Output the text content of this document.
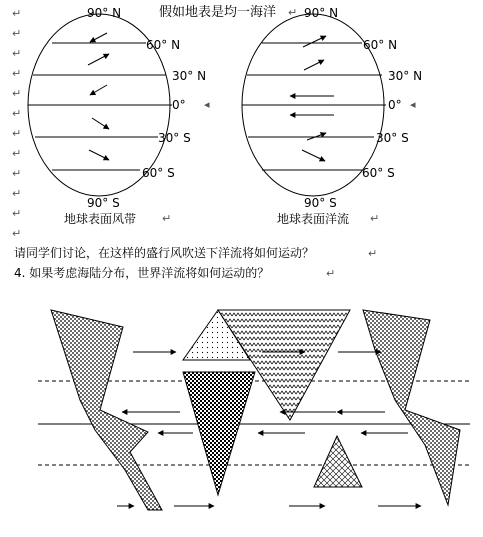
↵
↵
↵
↵
↵
↵
↵
↵
↵
↵
↵
↵
↵
↵
↵	↵
假如地表是均一海洋 ↵
90° N
60° N
30° N
0°
30° S
60° S
90° S
地球表面风带
90° N
60° N
30° N
0°
30° S
60° S
90° S
地球表面洋流
◂	◂
请同学们讨论，在这样的盛行风吹送下洋流将如何运动？
4. 如果考虑海陆分布，世界洋流将如何运动的？
